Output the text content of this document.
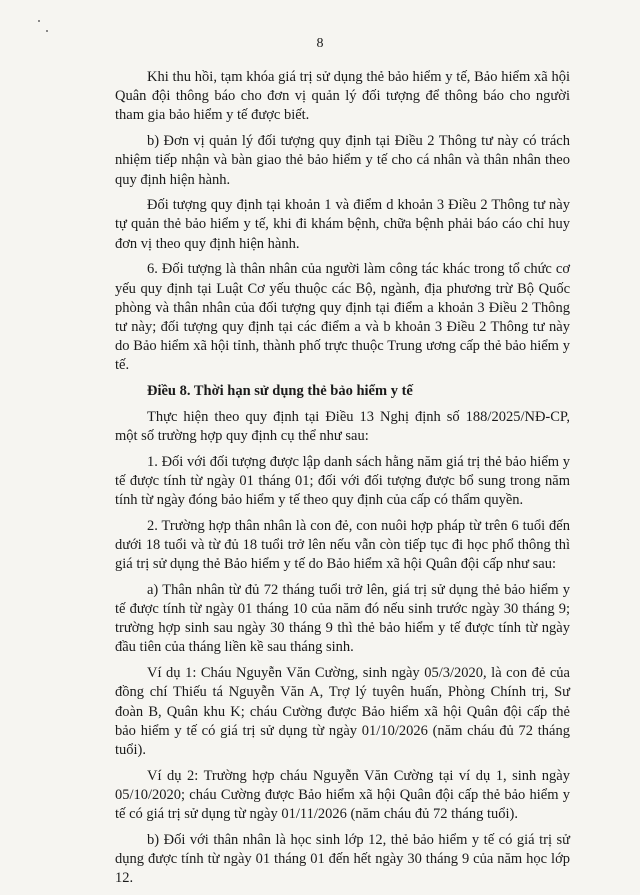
8

Khi thu hồi, tạm khóa giá trị sử dụng thẻ bảo hiểm y tế, Bảo hiểm xã hội Quân đội thông báo cho đơn vị quản lý đối tượng để thông báo cho người tham gia bảo hiểm y tế được biết.

b) Đơn vị quản lý đối tượng quy định tại Điều 2 Thông tư này có trách nhiệm tiếp nhận và bàn giao thẻ bảo hiểm y tế cho cá nhân và thân nhân theo quy định hiện hành.

Đối tượng quy định tại khoản 1 và điểm d khoản 3 Điều 2 Thông tư này tự quản thẻ bảo hiểm y tế, khi đi khám bệnh, chữa bệnh phải báo cáo chỉ huy đơn vị theo quy định hiện hành.

6. Đối tượng là thân nhân của người làm công tác khác trong tổ chức cơ yếu quy định tại Luật Cơ yếu thuộc các Bộ, ngành, địa phương trừ Bộ Quốc phòng và thân nhân của đối tượng quy định tại điểm a khoản 3 Điều 2 Thông tư này; đối tượng quy định tại các điểm a và b khoản 3 Điều 2 Thông tư này do Bảo hiểm xã hội tỉnh, thành phố trực thuộc Trung ương cấp thẻ bảo hiểm y tế.

Điều 8. Thời hạn sử dụng thẻ bảo hiểm y tế

Thực hiện theo quy định tại Điều 13 Nghị định số 188/2025/NĐ-CP, một số trường hợp quy định cụ thể như sau:

1. Đối với đối tượng được lập danh sách hằng năm giá trị thẻ bảo hiểm y tế được tính từ ngày 01 tháng 01; đối với đối tượng được bổ sung trong năm tính từ ngày đóng bảo hiểm y tế theo quy định của cấp có thẩm quyền.

2. Trường hợp thân nhân là con đẻ, con nuôi hợp pháp từ trên 6 tuổi đến dưới 18 tuổi và từ đủ 18 tuổi trở lên nếu vẫn còn tiếp tục đi học phổ thông thì giá trị sử dụng thẻ Bảo hiểm y tế do Bảo hiểm xã hội Quân đội cấp như sau:

a) Thân nhân từ đủ 72 tháng tuổi trở lên, giá trị sử dụng thẻ bảo hiểm y tế được tính từ ngày 01 tháng 10 của năm đó nếu sinh trước ngày 30 tháng 9; trường hợp sinh sau ngày 30 tháng 9 thì thẻ bảo hiểm y tế được tính từ ngày đầu tiên của tháng liền kề sau tháng sinh.

Ví dụ 1: Cháu Nguyễn Văn Cường, sinh ngày 05/3/2020, là con đẻ của đồng chí Thiếu tá Nguyễn Văn A, Trợ lý tuyên huấn, Phòng Chính trị, Sư đoàn B, Quân khu K; cháu Cường được Bảo hiểm xã hội Quân đội cấp thẻ bảo hiểm y tế có giá trị sử dụng từ ngày 01/10/2026 (năm cháu đủ 72 tháng tuổi).

Ví dụ 2: Trường hợp cháu Nguyễn Văn Cường tại ví dụ 1, sinh ngày 05/10/2020; cháu Cường được Bảo hiểm xã hội Quân đội cấp thẻ bảo hiểm y tế có giá trị sử dụng từ ngày 01/11/2026 (năm cháu đủ 72 tháng tuổi).

b) Đối với thân nhân là học sinh lớp 12, thẻ bảo hiểm y tế có giá trị sử dụng được tính từ ngày 01 tháng 01 đến hết ngày 30 tháng 9 của năm học lớp 12.
